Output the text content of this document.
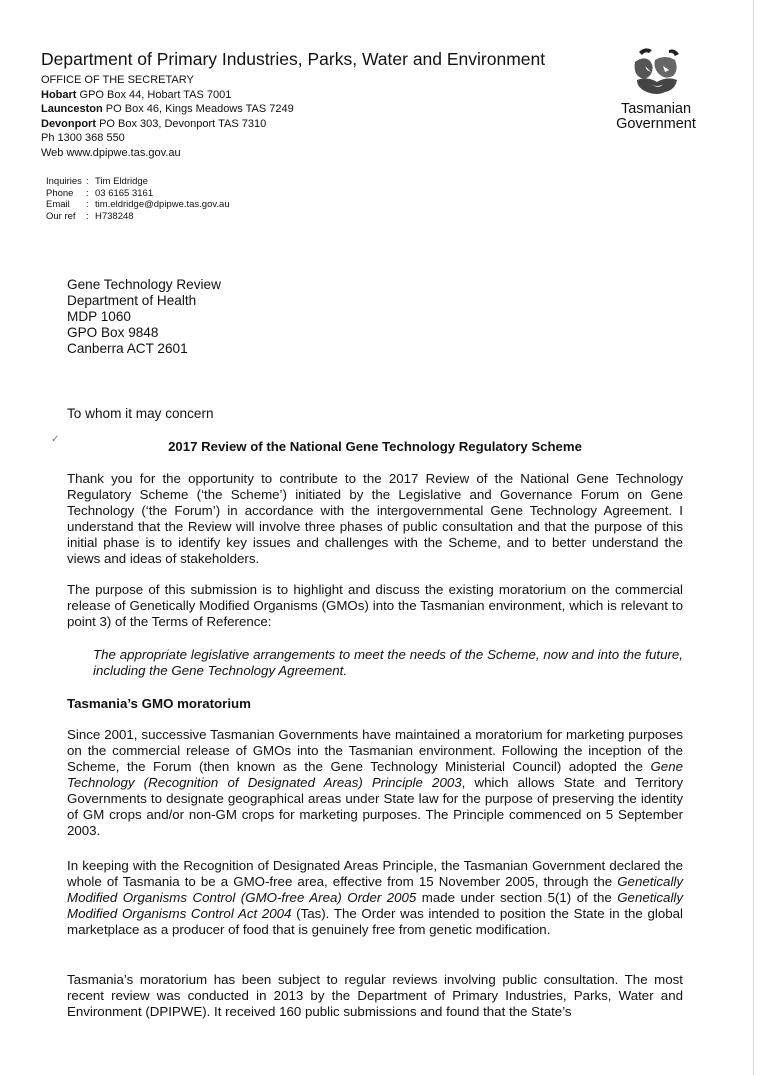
Department of Primary Industries, Parks, Water and Environment
OFFICE OF THE SECRETARY
Hobart GPO Box 44, Hobart TAS 7001
Launceston PO Box 46, Kings Meadows TAS 7249
Devonport PO Box 303, Devonport TAS 7310
Ph 1300 368 550
Web www.dpipwe.tas.gov.au
Tasmanian
Government
Inquiries : Tim Eldridge
Phone	: 03 6165 3161
Email	: tim.eldridge@dpipwe.tas.gov.au
Our ref	: H738248
Gene Technology Review
Department of Health
MDP 1060
GPO Box 9848
Canberra ACT 2601
To whom it may concern
✓	2017 Review of the National Gene Technology Regulatory Scheme

Thank you for the opportunity to contribute to the 2017 Review of the National Gene Technology Regulatory Scheme (‘the Scheme’) initiated by the Legislative and Governance Forum on Gene Technology (‘the Forum’) in accordance with the intergovernmental Gene Technology Agreement. I understand that the Review will involve three phases of public consultation and that the purpose of this initial phase is to identify key issues and challenges with the Scheme, and to better understand the views and ideas of stakeholders.

The purpose of this submission is to highlight and discuss the existing moratorium on the commercial release of Genetically Modified Organisms (GMOs) into the Tasmanian environment, which is relevant to point 3) of the Terms of Reference:

The appropriate legislative arrangements to meet the needs of the Scheme, now and into the future, including the Gene Technology Agreement.

Tasmania’s GMO moratorium

Since 2001, successive Tasmanian Governments have maintained a moratorium for marketing purposes on the commercial release of GMOs into the Tasmanian environment. Following the inception of the Scheme, the Forum (then known as the Gene Technology Ministerial Council) adopted the Gene Technology (Recognition of Designated Areas) Principle 2003, which allows State and Territory Governments to designate geographical areas under State law for the purpose of preserving the identity of GM crops and/or non-GM crops for marketing purposes. The Principle commenced on 5 September 2003.

In keeping with the Recognition of Designated Areas Principle, the Tasmanian Government declared the whole of Tasmania to be a GMO-free area, effective from 15 November 2005, through the Genetically Modified Organisms Control (GMO-free Area) Order 2005 made under section 5(1) of the Genetically Modified Organisms Control Act 2004 (Tas). The Order was intended to position the State in the global marketplace as a producer of food that is genuinely free from genetic modification.

Tasmania’s moratorium has been subject to regular reviews involving public consultation. The most recent review was conducted in 2013 by the Department of Primary Industries, Parks, Water and Environment (DPIPWE). It received 160 public submissions and found that the State’s
